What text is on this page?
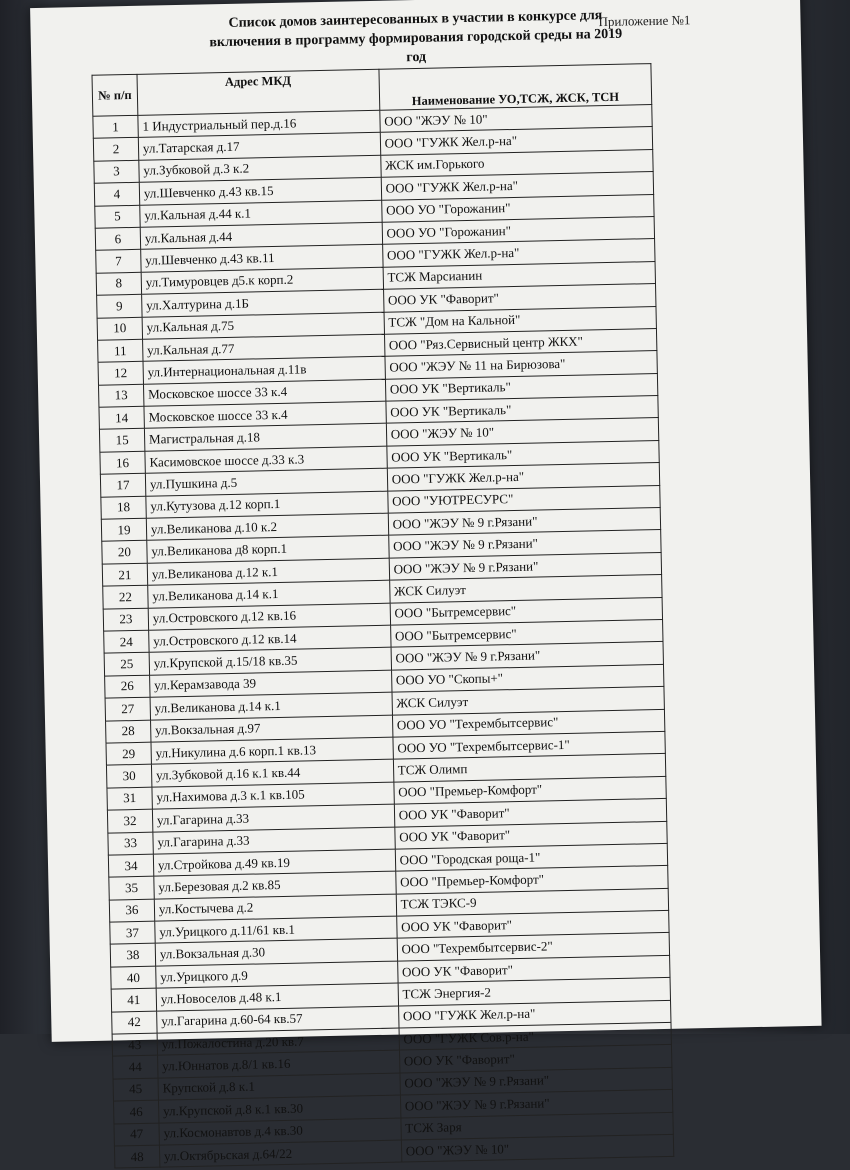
Приложение №1
Список домов заинтересованных в участии в конкурсе для включения в программу формирования городской среды на 2019 год
№ п/п	Адрес МКД	Наименование УО,ТСЖ, ЖСК, ТСН
1	1 Индустриальный пер.д.16	ООО "ЖЭУ № 10"
2	ул.Татарская д.17	ООО "ГУЖК Жел.р-на"
3	ул.Зубковой д.3 к.2	ЖСК им.Горького
4	ул.Шевченко д.43 кв.15	ООО "ГУЖК Жел.р-на"
5	ул.Кальная д.44 к.1	ООО УО "Горожанин"
6	ул.Кальная д.44	ООО УО "Горожанин"
7	ул.Шевченко д.43 кв.11	ООО "ГУЖК Жел.р-на"
8	ул.Тимуровцев д5.к корп.2	ТСЖ Марсианин
9	ул.Халтурина д.1Б	ООО УК "Фаворит"
10	ул.Кальная д.75	ТСЖ "Дом на Кальной"
11	ул.Кальная д.77	ООО "Ряз.Сервисный центр ЖКХ"
12	ул.Интернациональная д.11в	ООО "ЖЭУ № 11 на Бирюзова"
13	Московское шоссе 33 к.4	ООО УК "Вертикаль"
14	Московское шоссе 33 к.4	ООО УК "Вертикаль"
15	Магистральная д.18	ООО "ЖЭУ № 10"
16	Касимовское шоссе д.33 к.3	ООО УК "Вертикаль"
17	ул.Пушкина д.5	ООО "ГУЖК Жел.р-на"
18	ул.Кутузова д.12 корп.1	ООО "УЮТРЕСУРС"
19	ул.Великанова д.10 к.2	ООО "ЖЭУ № 9 г.Рязани"
20	ул.Великанова д8 корп.1	ООО "ЖЭУ № 9 г.Рязани"
21	ул.Великанова д.12 к.1	ООО "ЖЭУ № 9 г.Рязани"
22	ул.Великанова д.14 к.1	ЖСК Силуэт
23	ул.Островского д.12 кв.16	ООО "Бытремсервис"
24	ул.Островского д.12 кв.14	ООО "Бытремсервис"
25	ул.Крупской д.15/18 кв.35	ООО "ЖЭУ № 9 г.Рязани"
26	ул.Керамзавода 39	ООО УО "Скопы+"
27	ул.Великанова д.14 к.1	ЖСК Силуэт
28	ул.Вокзальная д.97	ООО УО "Техрембытсервис"
29	ул.Никулина д.6 корп.1 кв.13	ООО УО "Техрембытсервис-1"
30	ул.Зубковой д.16 к.1 кв.44	ТСЖ Олимп
31	ул.Нахимова д.3 к.1 кв.105	ООО "Премьер-Комфорт"
32	ул.Гагарина д.33	ООО УК "Фаворит"
33	ул.Гагарина д.33	ООО УК "Фаворит"
34	ул.Стройкова д.49 кв.19	ООО "Городская роща-1"
35	ул.Березовая д.2 кв.85	ООО "Премьер-Комфорт"
36	ул.Костычева д.2	ТСЖ ТЭКС-9
37	ул.Урицкого д.11/61 кв.1	ООО УК "Фаворит"
38	ул.Вокзальная д.30	ООО "Техрембытсервис-2"
40	ул.Урицкого д.9	ООО УК "Фаворит"
41	ул.Новоселов д.48 к.1	ТСЖ Энергия-2
42	ул.Гагарина д.60-64 кв.57	ООО "ГУЖК Жел.р-на"
43	ул.Пожалостина д.20 кв.7	ООО "ГУЖК Сов.р-на"
44	ул.Юннатов д.8/1 кв.16	ООО УК "Фаворит"
45	Крупской д.8 к.1	ООО "ЖЭУ № 9 г.Рязани"
46	ул.Крупской д.8 к.1 кв.30	ООО "ЖЭУ № 9 г.Рязани"
47	ул.Космонавтов д.4 кв.30	ТСЖ Заря
48	ул.Октябрьская д.64/22	ООО "ЖЭУ № 10"
